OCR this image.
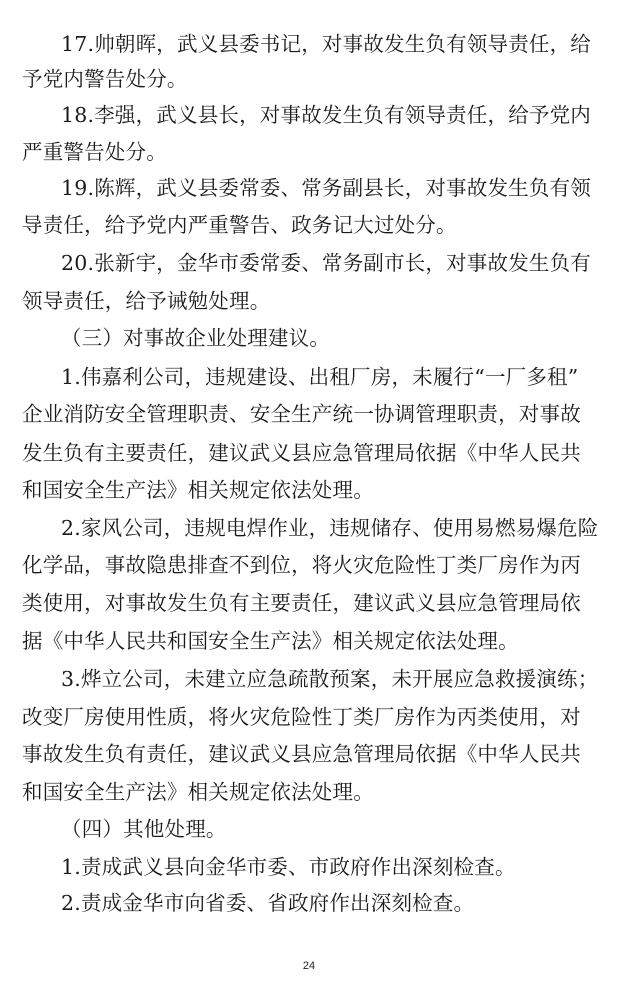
17.帅朝晖，武义县委书记，对事故发生负有领导责任，给
予党内警告处分。
18.李强，武义县长，对事故发生负有领导责任，给予党内
严重警告处分。
19.陈辉，武义县委常委、常务副县长，对事故发生负有领
导责任，给予党内严重警告、政务记大过处分。
20.张新宇，金华市委常委、常务副市长，对事故发生负有
领导责任，给予诫勉处理。
（三）对事故企业处理建议。
1.伟嘉利公司，违规建设、出租厂房，未履行“一厂多租”
企业消防安全管理职责、安全生产统一协调管理职责，对事故
发生负有主要责任，建议武义县应急管理局依据《中华人民共
和国安全生产法》相关规定依法处理。
2.家风公司，违规电焊作业，违规储存、使用易燃易爆危险
化学品，事故隐患排查不到位，将火灾危险性丁类厂房作为丙
类使用，对事故发生负有主要责任，建议武义县应急管理局依
据《中华人民共和国安全生产法》相关规定依法处理。
3.烨立公司，未建立应急疏散预案，未开展应急救援演练；
改变厂房使用性质，将火灾危险性丁类厂房作为丙类使用，对
事故发生负有责任，建议武义县应急管理局依据《中华人民共
和国安全生产法》相关规定依法处理。
（四）其他处理。
1.责成武义县向金华市委、市政府作出深刻检查。
2.责成金华市向省委、省政府作出深刻检查。
24
